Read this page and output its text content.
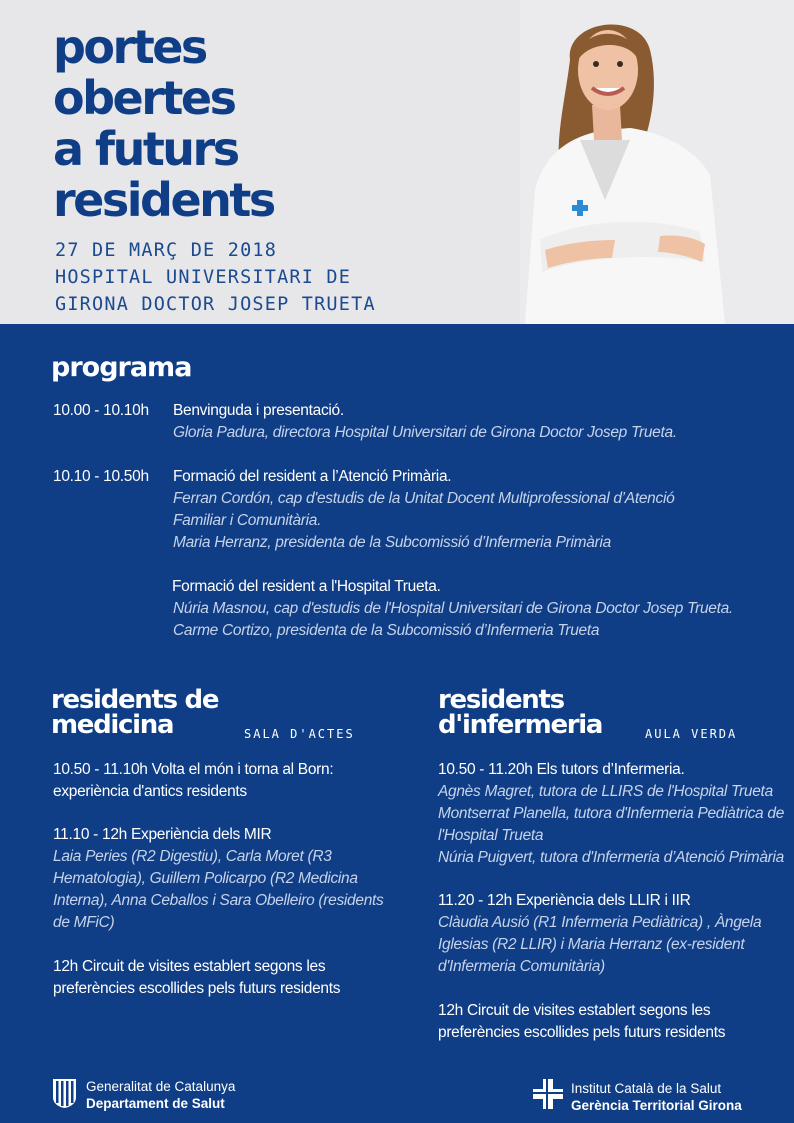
portes
obertes
a futurs
residents
27 DE MARÇ DE 2018
HOSPITAL UNIVERSITARI DE
GIRONA DOCTOR JOSEP TRUETA
programa
10.00 - 10.10h Benvinguda i presentació.
Gloria Padura, directora Hospital Universitari de Girona Doctor Josep Trueta.
10.10 - 10.50h Formació del resident a l’Atenció Primària.
Ferran Cordón, cap d'estudis de la Unitat Docent Multiprofessional d’Atenció
Familiar i Comunitària.
Maria Herranz, presidenta de la Subcomissió d’Infermeria Primària
Formació del resident a l'Hospital Trueta.
Núria Masnou, cap d'estudis de l'Hospital Universitari de Girona Doctor Josep Trueta.
Carme Cortizo, presidenta de la Subcomissió d’Infermeria Trueta
residents de
medicina	SALA D'ACTES
10.50 - 11.10h Volta el món i torna al Born:
experiència d'antics residents
11.10 - 12h Experiència dels MIR
Laia Peries (R2 Digestiu), Carla Moret (R3
Hematologia), Guillem Policarpo (R2 Medicina
Interna), Anna Ceballos i Sara Obelleiro (residents
de MFiC)
12h Circuit de visites establert segons les
preferències escollides pels futurs residents
residents
d'infermeria	AULA VERDA
10.50 - 11.20h Els tutors d’Infermeria.
Agnès Magret, tutora de LLIRS de l'Hospital Trueta
Montserrat Planella, tutora d'Infermeria Pediàtrica de
l'Hospital Trueta
Núria Puigvert, tutora d'Infermeria d’Atenció Primària
11.20 - 12h Experiència dels LLIR i IIR
Clàudia Ausió (R1 Infermeria Pediàtrica) , Àngela
Iglesias (R2 LLIR) i Maria Herranz (ex-resident
d'Infermeria Comunitària)
12h Circuit de visites establert segons les
preferències escollides pels futurs residents
Generalitat de Catalunya
Departament de Salut
Institut Català de la Salut
Gerència Territorial Girona
